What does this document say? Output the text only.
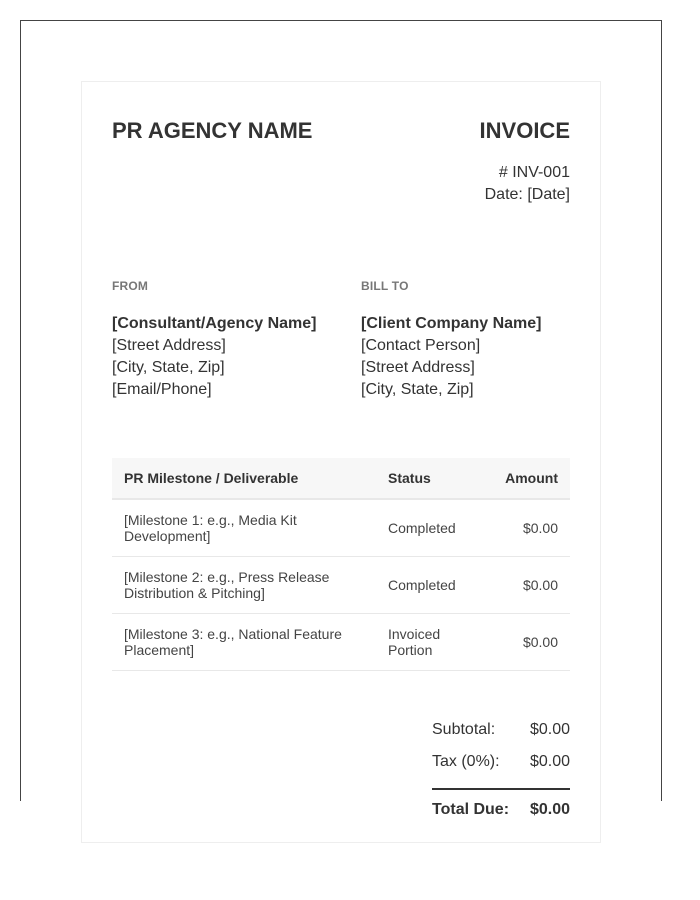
PR AGENCY NAME	INVOICE
# INV-001
Date: [Date]
FROM
[Consultant/Agency Name]
[Street Address]
[City, State, Zip]
[Email/Phone]
BILL TO
[Client Company Name]
[Contact Person]
[Street Address]
[City, State, Zip]
PR Milestone / Deliverable	Status	Amount
[Milestone 1: e.g., Media Kit Development]	Completed	$0.00
[Milestone 2: e.g., Press Release Distribution & Pitching]	Completed	$0.00
[Milestone 3: e.g., National Feature Placement]	Invoiced Portion	$0.00
Subtotal: $0.00
Tax (0%): $0.00
Total Due: $0.00
